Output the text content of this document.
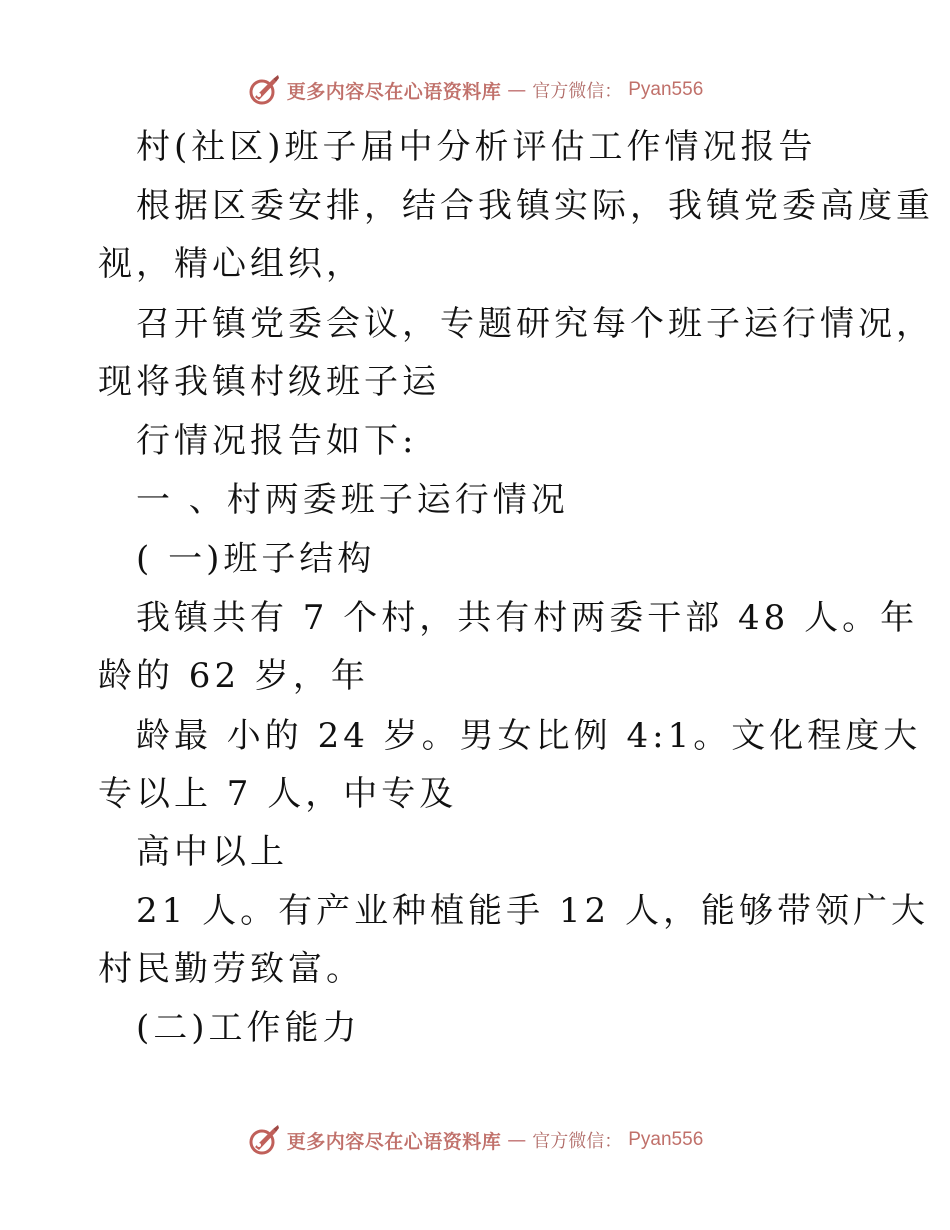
更多内容尽在心语资料库 — 官方微信： Pyan556
村(社区)班子届中分析评估工作情况报告
根据区委安排，结合我镇实际，我镇党委高度重
视，精心组织，
召开镇党委会议，专题研究每个班子运行情况，
现将我镇村级班子运
行情况报告如下:
一 、村两委班子运行情况
( 一)班子结构
我镇共有 7 个村，共有村两委干部 48 人。年
龄的 62 岁，年
龄最 小的 24 岁。男女比例 4:1。文化程度大
专以上 7 人，中专及
高中以上
21 人。有产业种植能手 12 人，能够带领广大
村民勤劳致富。
(二)工作能力
更多内容尽在心语资料库 — 官方微信： Pyan556
